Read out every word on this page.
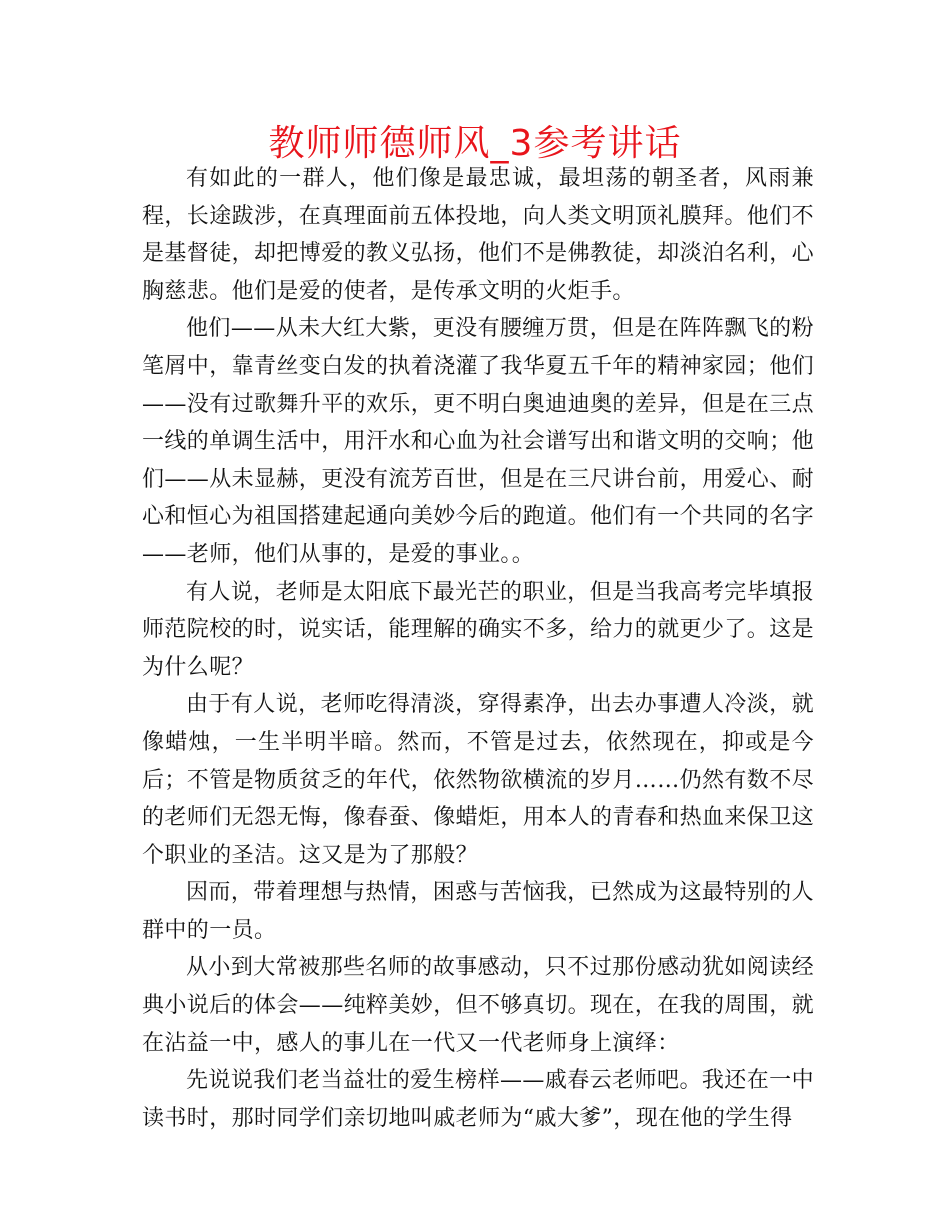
教师师德师风_3参考讲话

有如此的一群人，他们像是最忠诚，最坦荡的朝圣者，风雨兼程，长途跋涉，在真理面前五体投地，向人类文明顶礼膜拜。他们不是基督徒，却把博爱的教义弘扬，他们不是佛教徒，却淡泊名利，心胸慈悲。他们是爱的使者，是传承文明的火炬手。

他们——从未大红大紫，更没有腰缠万贯，但是在阵阵飘飞的粉笔屑中，靠青丝变白发的执着浇灌了我华夏五千年的精神家园；他们——没有过歌舞升平的欢乐，更不明白奥迪迪奥的差异，但是在三点一线的单调生活中，用汗水和心血为社会谱写出和谐文明的交响；他们——从未显赫，更没有流芳百世，但是在三尺讲台前，用爱心、耐心和恒心为祖国搭建起通向美妙今后的跑道。他们有一个共同的名字——老师，他们从事的，是爱的事业。。

有人说，老师是太阳底下最光芒的职业，但是当我高考完毕填报师范院校的时，说实话，能理解的确实不多，给力的就更少了。这是为什么呢？

由于有人说，老师吃得清淡，穿得素净，出去办事遭人冷淡，就像蜡烛，一生半明半暗。然而，不管是过去，依然现在，抑或是今后；不管是物质贫乏的年代，依然物欲横流的岁月……仍然有数不尽的老师们无怨无悔，像春蚕、像蜡炬，用本人的青春和热血来保卫这个职业的圣洁。这又是为了那般？

因而，带着理想与热情，困惑与苦恼我，已然成为这最特别的人群中的一员。

从小到大常被那些名师的故事感动，只不过那份感动犹如阅读经典小说后的体会——纯粹美妙，但不够真切。现在，在我的周围，就在沾益一中，感人的事儿在一代又一代老师身上演绎：

先说说我们老当益壮的爱生榜样——戚春云老师吧。我还在一中读书时，那时同学们亲切地叫戚老师为“戚大爹”，现在他的学生得
